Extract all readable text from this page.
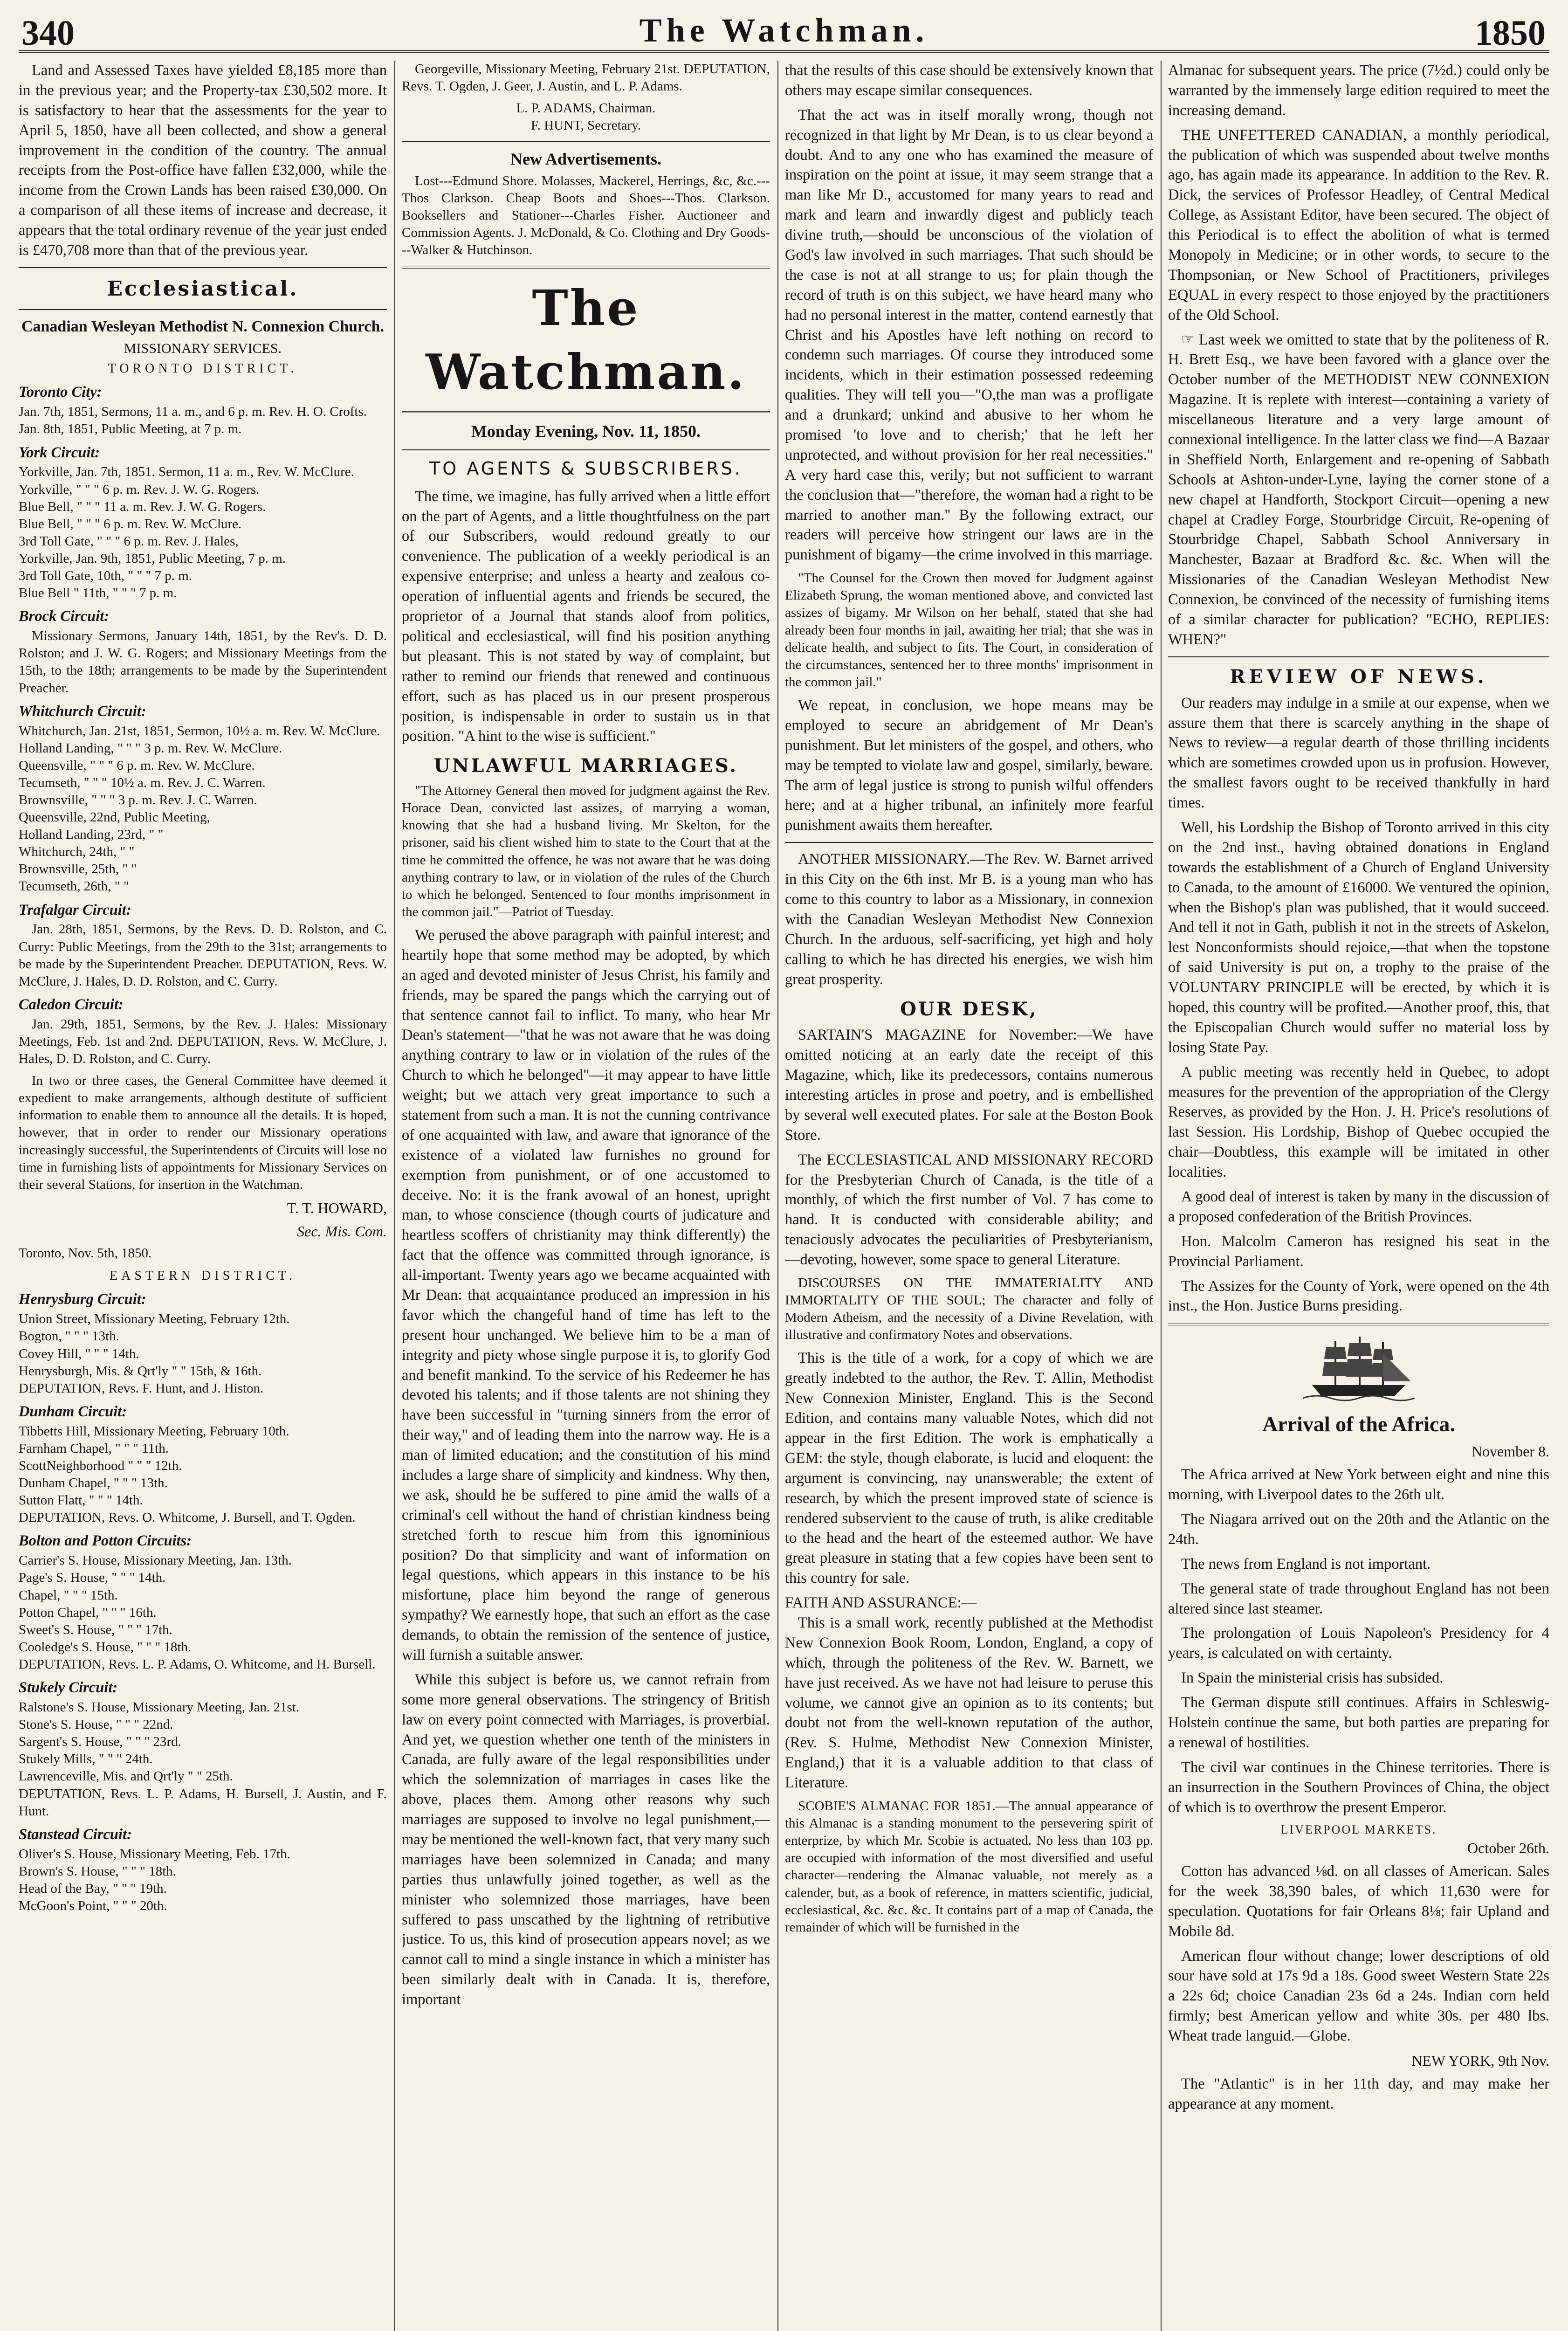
340	The Watchman.	1850

Land and Assessed Taxes have yielded £8,185 more than in the previous year; and the Property-tax £30,502 more. It is satisfactory to hear that the assessments for the year to April 5, 1850, have all been collected, and show a general improvement in the condition of the country. The annual receipts from the Post-office have fallen £32,000, while the income from the Crown Lands has been raised £30,000. On a comparison of all these items of increase and decrease, it appears that the total ordinary revenue of the year just ended is £470,708 more than that of the previous year.

Ecclesiastical.
Canadian Wesleyan Methodist N. Connexion Church.
MISSIONARY SERVICES.
TORONTO DISTRICT.
Toronto City:
Jan. 7th, 1851, Sermons, 11 a. m., and 6 p. m. Rev. H. O. Crofts.
Jan. 8th, 1851, Public Meeting, at 7 p. m.
York Circuit:
Yorkville, Jan. 7th, 1851. Sermon, 11 a. m., Rev. W. McClure.
Yorkville, " " " 6 p. m. Rev. J. W. G. Rogers.
Blue Bell, " " " 11 a. m. Rev. J. W. G. Rogers.
Blue Bell, " " " 6 p. m. Rev. W. McClure.
3rd Toll Gate, " " " 6 p. m. Rev. J. Hales,
Yorkville, Jan. 9th, 1851, Public Meeting, 7 p. m.
3rd Toll Gate, 10th, " " " 7 p. m.
Blue Bell " 11th, " " " 7 p. m.
Brock Circuit:

Missionary Sermons, January 14th, 1851, by the Rev's. D. D. Rolston; and J. W. G. Rogers; and Missionary Meetings from the 15th, to the 18th; arrangements to be made by the Superintendent Preacher.

Whitchurch Circuit:
Whitchurch, Jan. 21st, 1851, Sermon, 10½ a. m. Rev. W. McClure.
Holland Landing, " " " 3 p. m. Rev. W. McClure.
Queensville, " " " 6 p. m. Rev. W. McClure.
Tecumseth, " " " 10½ a. m. Rev. J. C. Warren.
Brownsville, " " " 3 p. m. Rev. J. C. Warren.
Queensville, 22nd, Public Meeting,
Holland Landing, 23rd, " "
Whitchurch, 24th, " "
Brownsville, 25th, " "
Tecumseth, 26th, " "
Trafalgar Circuit:

Jan. 28th, 1851, Sermons, by the Revs. D. D. Rolston, and C. Curry: Public Meetings, from the 29th to the 31st; arrangements to be made by the Superintendent Preacher. DEPUTATION, Revs. W. McClure, J. Hales, D. D. Rolston, and C. Curry.

Caledon Circuit:

Jan. 29th, 1851, Sermons, by the Rev. J. Hales: Missionary Meetings, Feb. 1st and 2nd. DEPUTATION, Revs. W. McClure, J. Hales, D. D. Rolston, and C. Curry.

In two or three cases, the General Committee have deemed it expedient to make arrangements, although destitute of sufficient information to enable them to announce all the details. It is hoped, however, that in order to render our Missionary operations increasingly successful, the Superintendents of Circuits will lose no time in furnishing lists of appointments for Missionary Services on their several Stations, for insertion in the Watchman.

T. T. HOWARD,
Sec. Mis. Com.
Toronto, Nov. 5th, 1850.
EASTERN DISTRICT.
Henrysburg Circuit:
Union Street, Missionary Meeting, February 12th.
Bogton, " " " 13th.
Covey Hill, " " " 14th.
Henrysburgh, Mis. & Qrt'ly " " 15th, & 16th.
DEPUTATION, Revs. F. Hunt, and J. Histon.
Dunham Circuit:
Tibbetts Hill, Missionary Meeting, February 10th.
Farnham Chapel, " " " 11th.
ScottNeighborhood " " " 12th.
Dunham Chapel, " " " 13th.
Sutton Flatt, " " " 14th.
DEPUTATION, Revs. O. Whitcome, J. Bursell, and T. Ogden.
Bolton and Potton Circuits:
Carrier's S. House, Missionary Meeting, Jan. 13th.
Page's S. House, " " " 14th.
Chapel, " " " 15th.
Potton Chapel, " " " 16th.
Sweet's S. House, " " " 17th.
Cooledge's S. House, " " " 18th.
DEPUTATION, Revs. L. P. Adams, O. Whitcome, and H. Bursell.
Stukely Circuit:
Ralstone's S. House, Missionary Meeting, Jan. 21st.
Stone's S. House, " " " 22nd.
Sargent's S. House, " " " 23rd.
Stukely Mills, " " " 24th.
Lawrenceville, Mis. and Qrt'ly " " 25th.
DEPUTATION, Revs. L. P. Adams, H. Bursell, J. Austin, and F. Hunt.
Stanstead Circuit:
Oliver's S. House, Missionary Meeting, Feb. 17th.
Brown's S. House, " " " 18th.
Head of the Bay, " " " 19th.
McGoon's Point, " " " 20th.

Georgeville, Missionary Meeting, February 21st. DEPUTATION, Revs. T. Ogden, J. Geer, J. Austin, and L. P. Adams.

L. P. ADAMS, Chairman.
F. HUNT, Secretary.
New Advertisements.

Lost---Edmund Shore. Molasses, Mackerel, Herrings, &c, &c.---Thos Clarkson. Cheap Boots and Shoes---Thos. Clarkson. Booksellers and Stationer---Charles Fisher. Auctioneer and Commission Agents. J. McDonald, & Co. Clothing and Dry Goods---Walker & Hutchinson.

The Watchman.
Monday Evening, Nov. 11, 1850.
TO AGENTS & SUBSCRIBERS.

The time, we imagine, has fully arrived when a little effort on the part of Agents, and a little thoughtfulness on the part of our Subscribers, would redound greatly to our convenience. The publication of a weekly periodical is an expensive enterprise; and unless a hearty and zealous co-operation of influential agents and friends be secured, the proprietor of a Journal that stands aloof from politics, political and ecclesiastical, will find his position anything but pleasant. This is not stated by way of complaint, but rather to remind our friends that renewed and continuous effort, such as has placed us in our present prosperous position, is indispensable in order to sustain us in that position. "A hint to the wise is sufficient."

UNLAWFUL MARRIAGES.

"The Attorney General then moved for judgment against the Rev. Horace Dean, convicted last assizes, of marrying a woman, knowing that she had a husband living. Mr Skelton, for the prisoner, said his client wished him to state to the Court that at the time he committed the offence, he was not aware that he was doing anything contrary to law, or in violation of the rules of the Church to which he belonged. Sentenced to four months imprisonment in the common jail."—Patriot of Tuesday.

We perused the above paragraph with painful interest; and heartily hope that some method may be adopted, by which an aged and devoted minister of Jesus Christ, his family and friends, may be spared the pangs which the carrying out of that sentence cannot fail to inflict. To many, who hear Mr Dean's statement—"that he was not aware that he was doing anything contrary to law or in violation of the rules of the Church to which he belonged"—it may appear to have little weight; but we attach very great importance to such a statement from such a man. It is not the cunning contrivance of one acquainted with law, and aware that ignorance of the existence of a violated law furnishes no ground for exemption from punishment, or of one accustomed to deceive. No: it is the frank avowal of an honest, upright man, to whose conscience (though courts of judicature and heartless scoffers of christianity may think differently) the fact that the offence was committed through ignorance, is all-important. Twenty years ago we became acquainted with Mr Dean: that acquaintance produced an impression in his favor which the changeful hand of time has left to the present hour unchanged. We believe him to be a man of integrity and piety whose single purpose it is, to glorify God and benefit mankind. To the service of his Redeemer he has devoted his talents; and if those talents are not shining they have been successful in "turning sinners from the error of their way," and of leading them into the narrow way. He is a man of limited education; and the constitution of his mind includes a large share of simplicity and kindness. Why then, we ask, should he be suffered to pine amid the walls of a criminal's cell without the hand of christian kindness being stretched forth to rescue him from this ignominious position? Do that simplicity and want of information on legal questions, which appears in this instance to be his misfortune, place him beyond the range of generous sympathy? We earnestly hope, that such an effort as the case demands, to obtain the remission of the sentence of justice, will furnish a suitable answer.

While this subject is before us, we cannot refrain from some more general observations. The stringency of British law on every point connected with Marriages, is proverbial. And yet, we question whether one tenth of the ministers in Canada, are fully aware of the legal responsibilities under which the solemnization of marriages in cases like the above, places them. Among other reasons why such marriages are supposed to involve no legal punishment,—may be mentioned the well-known fact, that very many such marriages have been solemnized in Canada; and many parties thus unlawfully joined together, as well as the minister who solemnized those marriages, have been suffered to pass unscathed by the lightning of retributive justice. To us, this kind of prosecution appears novel; as we cannot call to mind a single instance in which a minister has been similarly dealt with in Canada. It is, therefore, important

that the results of this case should be extensively known that others may escape similar consequences.

That the act was in itself morally wrong, though not recognized in that light by Mr Dean, is to us clear beyond a doubt. And to any one who has examined the measure of inspiration on the point at issue, it may seem strange that a man like Mr D., accustomed for many years to read and mark and learn and inwardly digest and publicly teach divine truth,—should be unconscious of the violation of God's law involved in such marriages. That such should be the case is not at all strange to us; for plain though the record of truth is on this subject, we have heard many who had no personal interest in the matter, contend earnestly that Christ and his Apostles have left nothing on record to condemn such marriages. Of course they introduced some incidents, which in their estimation possessed redeeming qualities. They will tell you—"O,the man was a profligate and a drunkard; unkind and abusive to her whom he promised 'to love and to cherish;' that he left her unprotected, and without provision for her real necessities." A very hard case this, verily; but not sufficient to warrant the conclusion that—"therefore, the woman had a right to be married to another man." By the following extract, our readers will perceive how stringent our laws are in the punishment of bigamy—the crime involved in this marriage.

"The Counsel for the Crown then moved for Judgment against Elizabeth Sprung, the woman mentioned above, and convicted last assizes of bigamy. Mr Wilson on her behalf, stated that she had already been four months in jail, awaiting her trial; that she was in delicate health, and subject to fits. The Court, in consideration of the circumstances, sentenced her to three months' imprisonment in the common jail."

We repeat, in conclusion, we hope means may be employed to secure an abridgement of Mr Dean's punishment. But let ministers of the gospel, and others, who may be tempted to violate law and gospel, similarly, beware. The arm of legal justice is strong to punish wilful offenders here; and at a higher tribunal, an infinitely more fearful punishment awaits them hereafter.

ANOTHER MISSIONARY.—The Rev. W. Barnet arrived in this City on the 6th inst. Mr B. is a young man who has come to this country to labor as a Missionary, in connexion with the Canadian Wesleyan Methodist New Connexion Church. In the arduous, self-sacrificing, yet high and holy calling to which he has directed his energies, we wish him great prosperity.

OUR DESK,

SARTAIN'S MAGAZINE for November:—We have omitted noticing at an early date the receipt of this Magazine, which, like its predecessors, contains numerous interesting articles in prose and poetry, and is embellished by several well executed plates. For sale at the Boston Book Store.

The ECCLESIASTICAL AND MISSIONARY RECORD for the Presbyterian Church of Canada, is the title of a monthly, of which the first number of Vol. 7 has come to hand. It is conducted with considerable ability; and tenaciously advocates the peculiarities of Presbyterianism,—devoting, however, some space to general Literature.

DISCOURSES ON THE IMMATERIALITY AND IMMORTALITY OF THE SOUL; The character and folly of Modern Atheism, and the necessity of a Divine Revelation, with illustrative and confirmatory Notes and observations.

This is the title of a work, for a copy of which we are greatly indebted to the author, the Rev. T. Allin, Methodist New Connexion Minister, England. This is the Second Edition, and contains many valuable Notes, which did not appear in the first Edition. The work is emphatically a GEM: the style, though elaborate, is lucid and eloquent: the argument is convincing, nay unanswerable; the extent of research, by which the present improved state of science is rendered subservient to the cause of truth, is alike creditable to the head and the heart of the esteemed author. We have great pleasure in stating that a few copies have been sent to this country for sale.

FAITH AND ASSURANCE:—

This is a small work, recently published at the Methodist New Connexion Book Room, London, England, a copy of which, through the politeness of the Rev. W. Barnett, we have just received. As we have not had leisure to peruse this volume, we cannot give an opinion as to its contents; but doubt not from the well-known reputation of the author, (Rev. S. Hulme, Methodist New Connexion Minister, England,) that it is a valuable addition to that class of Literature.

SCOBIE'S ALMANAC FOR 1851.—The annual appearance of this Almanac is a standing monument to the persevering spirit of enterprize, by which Mr. Scobie is actuated. No less than 103 pp. are occupied with information of the most diversified and useful character—rendering the Almanac valuable, not merely as a calender, but, as a book of reference, in matters scientific, judicial, ecclesiastical, &c. &c. &c. It contains part of a map of Canada, the remainder of which will be furnished in the

Almanac for subsequent years. The price (7½d.) could only be warranted by the immensely large edition required to meet the increasing demand.

THE UNFETTERED CANADIAN, a monthly periodical, the publication of which was suspended about twelve months ago, has again made its appearance. In addition to the Rev. R. Dick, the services of Professor Headley, of Central Medical College, as Assistant Editor, have been secured. The object of this Periodical is to effect the abolition of what is termed Monopoly in Medicine; or in other words, to secure to the Thompsonian, or New School of Practitioners, privileges EQUAL in every respect to those enjoyed by the practitioners of the Old School.

☞ Last week we omitted to state that by the politeness of R. H. Brett Esq., we have been favored with a glance over the October number of the METHODIST NEW CONNEXION Magazine. It is replete with interest—containing a variety of miscellaneous literature and a very large amount of connexional intelligence. In the latter class we find—A Bazaar in Sheffield North, Enlargement and re-opening of Sabbath Schools at Ashton-under-Lyne, laying the corner stone of a new chapel at Handforth, Stockport Circuit—opening a new chapel at Cradley Forge, Stourbridge Circuit, Re-opening of Stourbridge Chapel, Sabbath School Anniversary in Manchester, Bazaar at Bradford &c. &c. When will the Missionaries of the Canadian Wesleyan Methodist New Connexion, be convinced of the necessity of furnishing items of a similar character for publication? "ECHO, REPLIES: WHEN?"

REVIEW OF NEWS.

Our readers may indulge in a smile at our expense, when we assure them that there is scarcely anything in the shape of News to review—a regular dearth of those thrilling incidents which are sometimes crowded upon us in profusion. However, the smallest favors ought to be received thankfully in hard times.

Well, his Lordship the Bishop of Toronto arrived in this city on the 2nd inst., having obtained donations in England towards the establishment of a Church of England University to Canada, to the amount of £16000. We ventured the opinion, when the Bishop's plan was published, that it would succeed. And tell it not in Gath, publish it not in the streets of Askelon, lest Nonconformists should rejoice,—that when the topstone of said University is put on, a trophy to the praise of the VOLUNTARY PRINCIPLE will be erected, by which it is hoped, this country will be profited.—Another proof, this, that the Episcopalian Church would suffer no material loss by losing State Pay.

A public meeting was recently held in Quebec, to adopt measures for the prevention of the appropriation of the Clergy Reserves, as provided by the Hon. J. H. Price's resolutions of last Session. His Lordship, Bishop of Quebec occupied the chair—Doubtless, this example will be imitated in other localities.

A good deal of interest is taken by many in the discussion of a proposed confederation of the British Provinces.

Hon. Malcolm Cameron has resigned his seat in the Provincial Parliament.

The Assizes for the County of York, were opened on the 4th inst., the Hon. Justice Burns presiding.

Arrival of the Africa.
November 8.

The Africa arrived at New York between eight and nine this morning, with Liverpool dates to the 26th ult.

The Niagara arrived out on the 20th and the Atlantic on the 24th.

The news from England is not important.

The general state of trade throughout England has not been altered since last steamer.

The prolongation of Louis Napoleon's Presidency for 4 years, is calculated on with certainty.

In Spain the ministerial crisis has subsided.

The German dispute still continues. Affairs in Schleswig-Holstein continue the same, but both parties are preparing for a renewal of hostilities.

The civil war continues in the Chinese territories. There is an insurrection in the Southern Provinces of China, the object of which is to overthrow the present Emperor.

LIVERPOOL MARKETS.
October 26th.

Cotton has advanced ⅛d. on all classes of American. Sales for the week 38,390 bales, of which 11,630 were for speculation. Quotations for fair Orleans 8⅛; fair Upland and Mobile 8d.

American flour without change; lower descriptions of old sour have sold at 17s 9d a 18s. Good sweet Western State 22s a 22s 6d; choice Canadian 23s 6d a 24s. Indian corn held firmly; best American yellow and white 30s. per 480 lbs. Wheat trade languid.—Globe.

NEW YORK, 9th Nov.

The "Atlantic" is in her 11th day, and may make her appearance at any moment.
